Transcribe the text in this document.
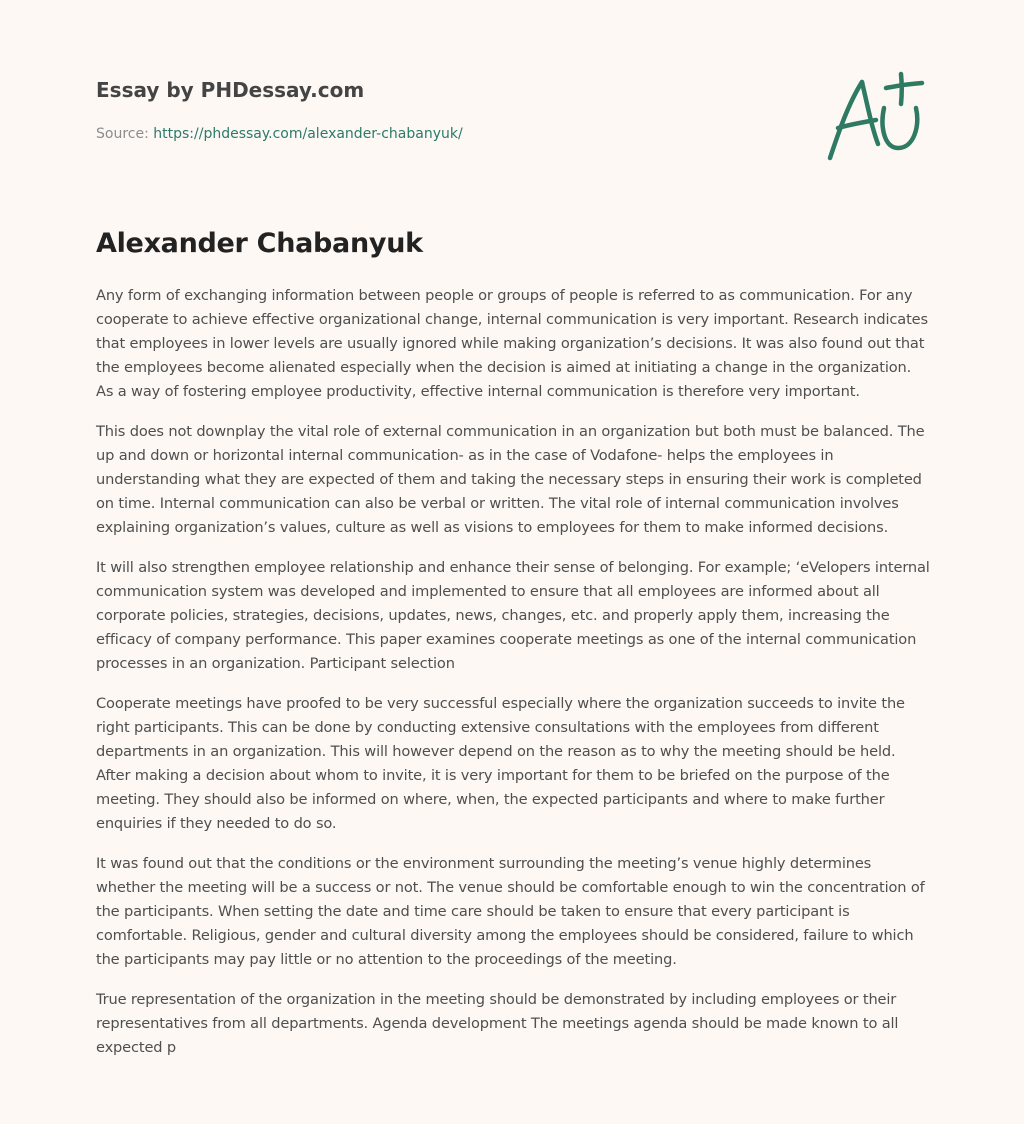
Essay by PHDessay.com
Source: https://phdessay.com/alexander-chabanyuk/
Alexander Chabanyuk

Any form of exchanging information between people or groups of people is referred to as communication. For any cooperate to achieve effective organizational change, internal communication is very important. Research indicates that employees in lower levels are usually ignored while making organization’s decisions. It was also found out that the employees become alienated especially when the decision is aimed at initiating a change in the organization. As a way of fostering employee productivity, effective internal communication is therefore very important.

This does not downplay the vital role of external communication in an organization but both must be balanced. The up and down or horizontal internal communication- as in the case of Vodafone- helps the employees in understanding what they are expected of them and taking the necessary steps in ensuring their work is completed on time. Internal communication can also be verbal or written. The vital role of internal communication involves explaining organization’s values, culture as well as visions to employees for them to make informed decisions.

It will also strengthen employee relationship and enhance their sense of belonging. For example; ‘eVelopers internal communication system was developed and implemented to ensure that all employees are informed about all corporate policies, strategies, decisions, updates, news, changes, etc. and properly apply them, increasing the efficacy of company performance. This paper examines cooperate meetings as one of the internal communication processes in an organization. Participant selection

Cooperate meetings have proofed to be very successful especially where the organization succeeds to invite the right participants. This can be done by conducting extensive consultations with the employees from different departments in an organization. This will however depend on the reason as to why the meeting should be held. After making a decision about whom to invite, it is very important for them to be briefed on the purpose of the meeting. They should also be informed on where, when, the expected participants and where to make further enquiries if they needed to do so.

It was found out that the conditions or the environment surrounding the meeting’s venue highly determines whether the meeting will be a success or not. The venue should be comfortable enough to win the concentration of the participants. When setting the date and time care should be taken to ensure that every participant is comfortable. Religious, gender and cultural diversity among the employees should be considered, failure to which the participants may pay little or no attention to the proceedings of the meeting.

True representation of the organization in the meeting should be demonstrated by including employees or their representatives from all departments. Agenda development The meetings agenda should be made known to all expected p
